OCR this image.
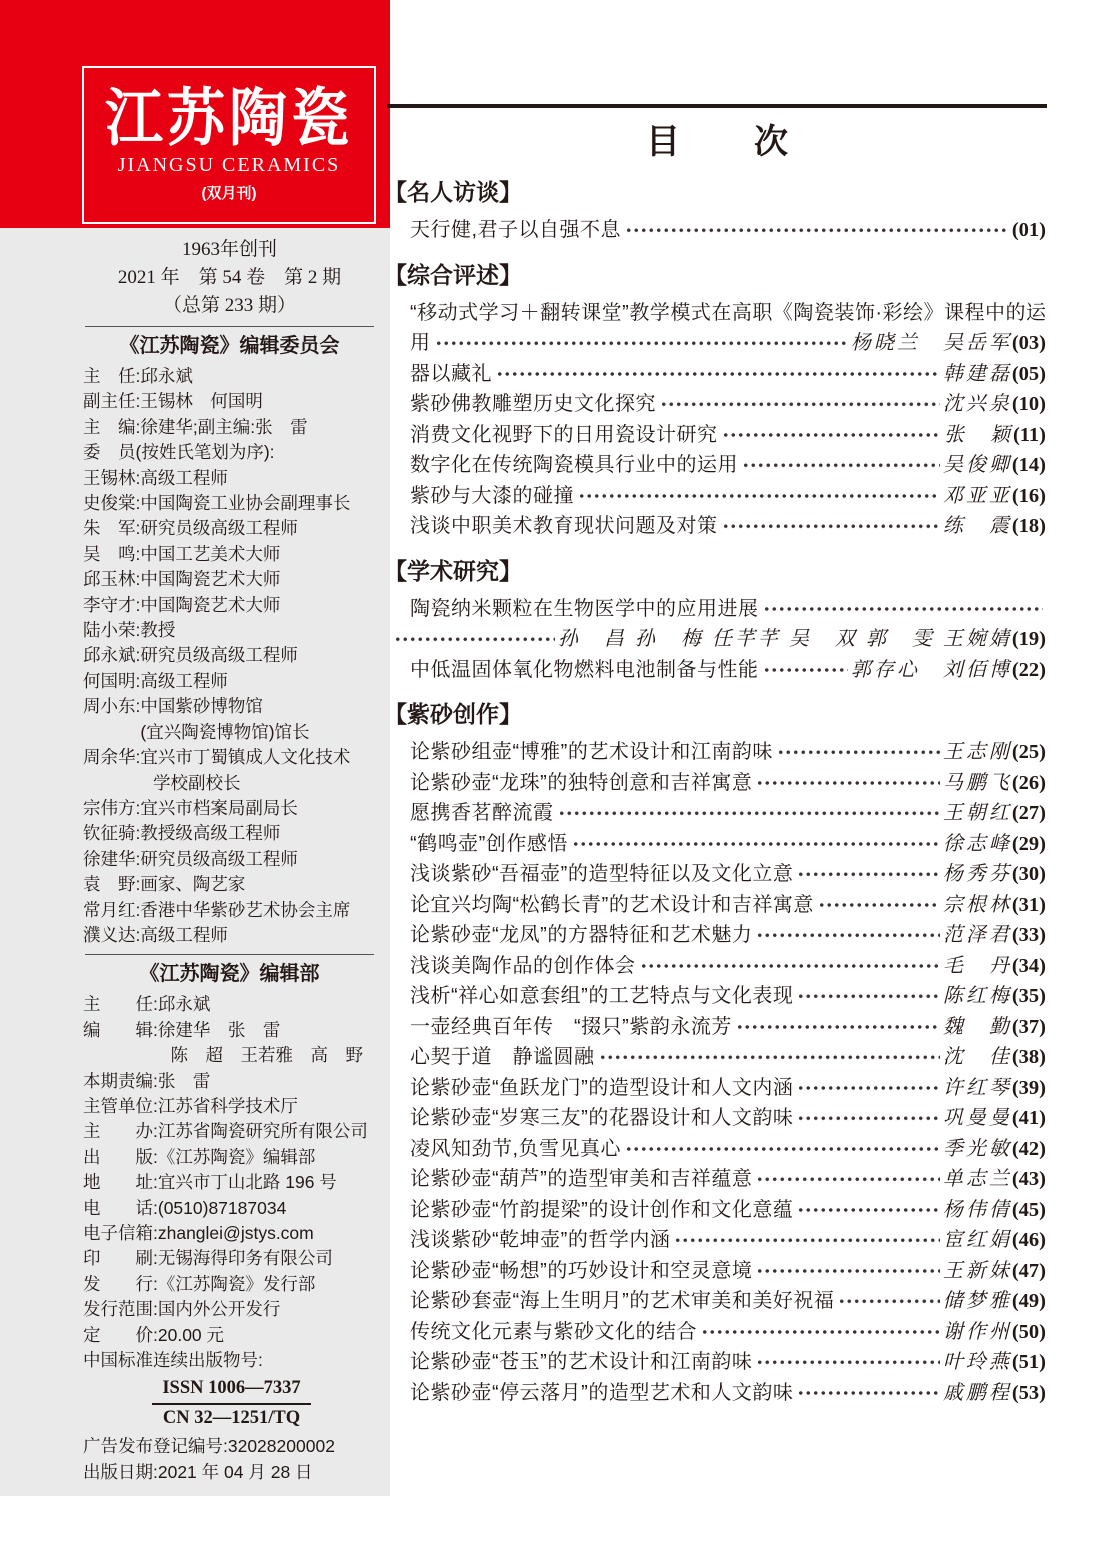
江苏陶瓷
JIANGSU CERAMICS
(双月刊)
1963年创刊
2021 年　第 54 卷　第 2 期
（总第 233 期）
《江苏陶瓷》编辑委员会
主　任:邱永斌
副主任:王锡林　何国明
主　编:徐建华;副主编:张　雷
委　员(按姓氏笔划为序):
王锡林:高级工程师
史俊棠:中国陶瓷工业协会副理事长
朱　军:研究员级高级工程师
吴　鸣:中国工艺美术大师
邱玉林:中国陶瓷艺术大师
李守才:中国陶瓷艺术大师
陆小荣:教授
邱永斌:研究员级高级工程师
何国明:高级工程师
周小东:中国紫砂博物馆
　　　 (宜兴陶瓷博物馆)馆长
周余华:宜兴市丁蜀镇成人文化技术
　　　　学校副校长
宗伟方:宜兴市档案局副局长
钦征骑:教授级高级工程师
徐建华:研究员级高级工程师
袁　野:画家、陶艺家
常月红:香港中华紫砂艺术协会主席
濮义达:高级工程师
《江苏陶瓷》编辑部
主　　任:邱永斌
编　　辑:徐建华　张　雷
　　　　　陈　超　王若雅　高　野
本期责编:张　雷
主管单位:江苏省科学技术厅
主　　办:江苏省陶瓷研究所有限公司
出　　版:《江苏陶瓷》编辑部
地　　址:宜兴市丁山北路 196 号
电　　话:(0510)87187034
电子信箱:zhanglei@jstys.com
印　　刷:无锡海得印务有限公司
发　　行:《江苏陶瓷》发行部
发行范围:国内外公开发行
定　　价:20.00 元
中国标准连续出版物号:
ISSN 1006—7337
CN 32—1251/TQ
广告发布登记编号:32028200002
出版日期:2021 年 04 月 28 日
目　　次
【名人访谈】
天行健,君子以自强不息	(01)
【综合评述】
“移动式学习＋翻转课堂”教学模式在高职《陶瓷装饰·彩绘》课程中的运
用	杨晓兰　吴岳军 (03)
器以藏礼	韩建磊 (05)
紫砂佛教雕塑历史文化探究	沈兴泉 (10)
消费文化视野下的日用瓷设计研究	张　颖 (11)
数字化在传统陶瓷模具行业中的运用	吴俊卿 (14)
紫砂与大漆的碰撞	邓亚亚 (16)
浅谈中职美术教育现状问题及对策	练　震 (18)
【学术研究】
陶瓷纳米颗粒在生物医学中的应用进展
孙　昌 孙　梅 任芊芊 吴　双 郭　雯 王婉婧 (19)
中低温固体氧化物燃料电池制备与性能	郭存心　刘佰博 (22)
【紫砂创作】
论紫砂组壶“博雅”的艺术设计和江南韵味	王志刚 (25)
论紫砂壶“龙珠”的独特创意和吉祥寓意	马鹏飞 (26)
愿携香茗醉流霞	王朝红 (27)
“鹤鸣壶”创作感悟	徐志峰 (29)
浅谈紫砂“吾福壶”的造型特征以及文化立意	杨秀芬 (30)
论宜兴均陶“松鹤长青”的艺术设计和吉祥寓意	宗根林 (31)
论紫砂壶“龙凤”的方器特征和艺术魅力	范泽君 (33)
浅谈美陶作品的创作体会	毛　丹 (34)
浅析“祥心如意套组”的工艺特点与文化表现	陈红梅 (35)
一壶经典百年传　“掇只”紫韵永流芳	魏　勤 (37)
心契于道　静谧圆融	沈　佳 (38)
论紫砂壶“鱼跃龙门”的造型设计和人文内涵	许红琴 (39)
论紫砂壶“岁寒三友”的花器设计和人文韵味	巩曼曼 (41)
凌风知劲节,负雪见真心	季光敏 (42)
论紫砂壶“葫芦”的造型审美和吉祥蕴意	单志兰 (43)
论紫砂壶“竹韵提梁”的设计创作和文化意蕴	杨伟倩 (45)
浅谈紫砂“乾坤壶”的哲学内涵	宦红娟 (46)
论紫砂壶“畅想”的巧妙设计和空灵意境	王新妹 (47)
论紫砂套壶“海上生明月”的艺术审美和美好祝福	储梦雅 (49)
传统文化元素与紫砂文化的结合	谢作州 (50)
论紫砂壶“苍玉”的艺术设计和江南韵味	叶玲燕 (51)
论紫砂壶“停云落月”的造型艺术和人文韵味	戚鹏程 (53)
